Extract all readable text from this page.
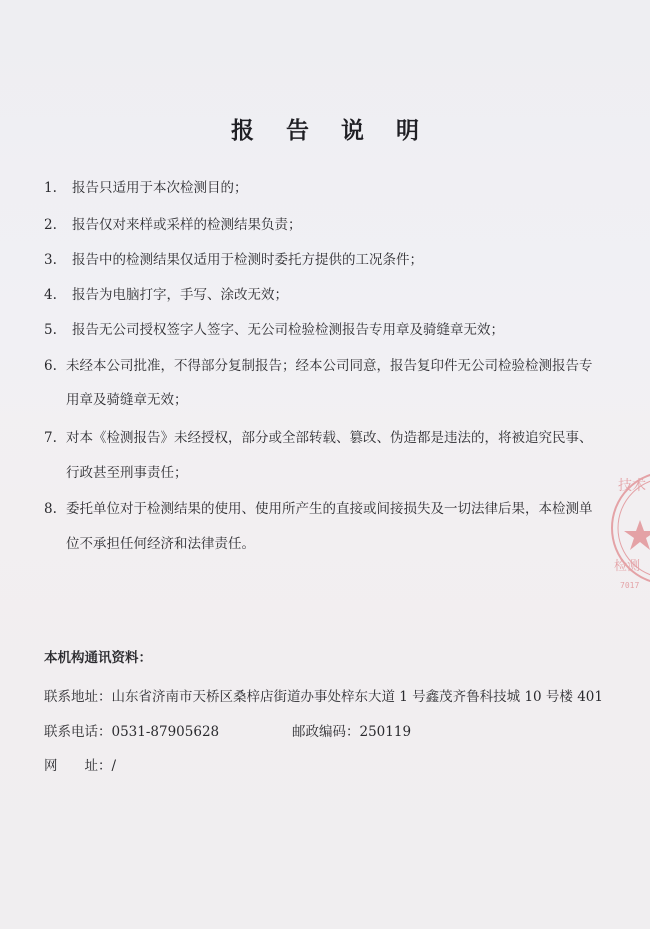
报 告 说 明
1.	报告只适用于本次检测目的；
2.	报告仅对来样或采样的检测结果负责；
3.	报告中的检测结果仅适用于检测时委托方提供的工况条件；
4.	报告为电脑打字，手写、涂改无效；
5.	报告无公司授权签字人签字、无公司检验检测报告专用章及骑缝章无效；
6. 未经本公司批准，不得部分复制报告；经本公司同意，报告复印件无公司检验检测报告专
用章及骑缝章无效；
7. 对本《检测报告》未经授权，部分或全部转载、篡改、伪造都是违法的，将被追究民事、
行政甚至刑事责任；
8. 委托单位对于检测结果的使用、使用所产生的直接或间接损失及一切法律后果，本检测单
位不承担任何经济和法律责任。
本机构通讯资料：
联系地址：山东省济南市天桥区桑梓店街道办事处梓东大道 1 号鑫茂齐鲁科技城 10 号楼 401
联系电话：0531-87905628	邮政编码：250119
网　　址：/
技术
检测
7017
